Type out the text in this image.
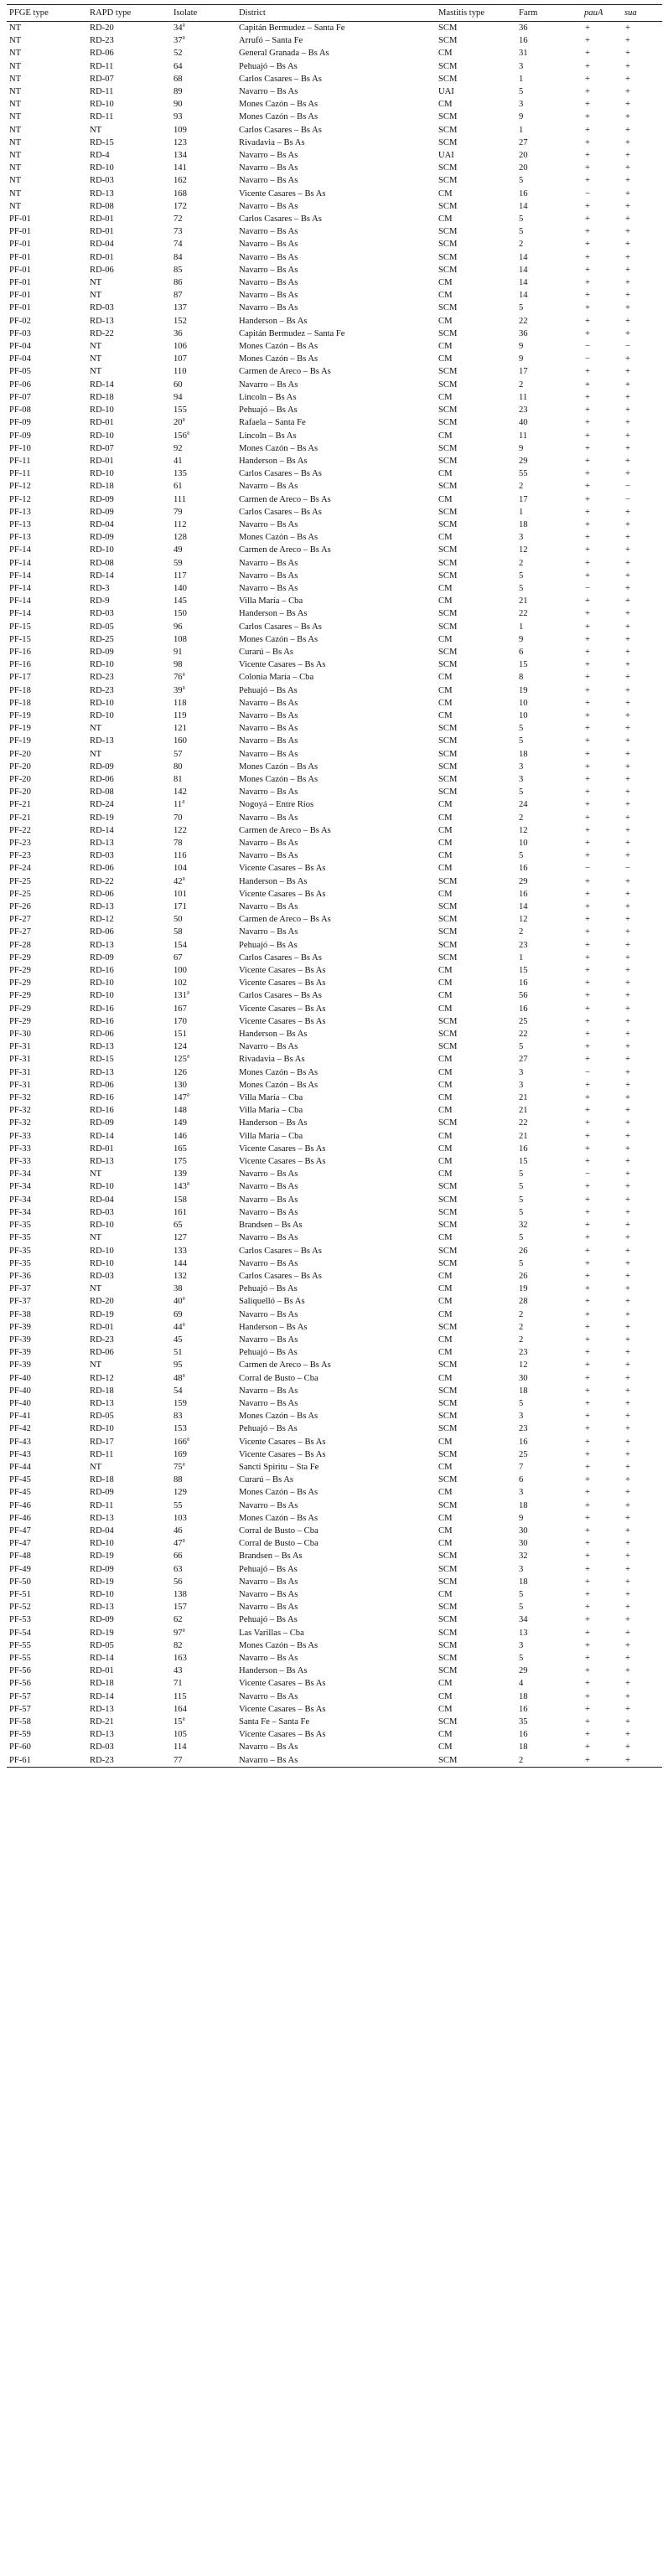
PFGE type	RAPD type	Isolate	District	Mastitis type	Farm	pauA	sua
NT	RD-20	34$^a$	Capitán Bermudez – Santa Fe	SCM	36	+	+
NT	RD-23	37$^a$	Arrufó – Santa Fe	SCM	16	+	+
NT	RD-06	52	General Granada – Bs As	CM	31	+	+
NT	RD-11	64	Pehuajó – Bs As	SCM	3	+	+
NT	RD-07	68	Carlos Casares – Bs As	SCM	1	+	+
NT	RD-11	89	Navarro – Bs As	UAI	5	+	+
NT	RD-10	90	Mones Cazón – Bs As	CM	3	+	+
NT	RD-11	93	Mones Cazón – Bs As	SCM	9	+	+
NT	NT	109	Carlos Casares – Bs As	SCM	1	+	+
NT	RD-15	123	Rivadavia – Bs As	SCM	27	+	+
NT	RD-4	134	Navarro – Bs As	UAI	20	+	+
NT	RD-10	141	Navarro – Bs As	SCM	20	+	+
NT	RD-03	162	Navarro – Bs As	SCM	5	+	+
NT	RD-13	168	Vicente Casares – Bs As	CM	16	−	+
NT	RD-08	172	Navarro – Bs As	SCM	14	+	+
PF-01	RD-01	72	Carlos Casares – Bs As	CM	5	+	+
PF-01	RD-01	73	Navarro – Bs As	SCM	5	+	+
PF-01	RD-04	74	Navarro – Bs As	SCM	2	+	+
PF-01	RD-01	84	Navarro – Bs As	SCM	14	+	+
PF-01	RD-06	85	Navarro – Bs As	SCM	14	+	+
PF-01	NT	86	Navarro – Bs As	CM	14	+	+
PF-01	NT	87	Navarro – Bs As	CM	14	+	+
PF-01	RD-03	137	Navarro – Bs As	SCM	5	+	+
PF-02	RD-13	152	Handerson – Bs As	CM	22	+	+
PF-03	RD-22	36	Capitán Bermudez – Santa Fe	SCM	36	+	+
PF-04	NT	106	Mones Cazón – Bs As	CM	9	−	−
PF-04	NT	107	Mones Cazón – Bs As	CM	9	−	+
PF-05	NT	110	Carmen de Areco – Bs As	SCM	17	+	+
PF-06	RD-14	60	Navarro – Bs As	SCM	2	+	+
PF-07	RD-18	94	Lincoln – Bs As	CM	11	+	+
PF-08	RD-10	155	Pehuajó – Bs As	SCM	23	+	+
PF-09	RD-01	20$^a$	Rafaela – Santa Fe	SCM	40	+	+
PF-09	RD-10	156$^a$	Lincoln – Bs As	CM	11	+	+
PF-10	RD-07	92	Mones Cazón – Bs As	SCM	9	+	+
PF-11	RD-01	41	Handerson – Bs As	SCM	29	+	+
PF-11	RD-10	135	Carlos Casares – Bs As	CM	55	+	+
PF-12	RD-18	61	Navarro – Bs As	SCM	2	+	−
PF-12	RD-09	111	Carmen de Areco – Bs As	CM	17	+	−
PF-13	RD-09	79	Carlos Casares – Bs As	SCM	1	+	+
PF-13	RD-04	112	Navarro – Bs As	SCM	18	+	+
PF-13	RD-09	128	Mones Cazón – Bs As	CM	3	+	+
PF-14	RD-10	49	Carmen de Areco – Bs As	SCM	12	+	+
PF-14	RD-08	59	Navarro – Bs As	SCM	2	+	+
PF-14	RD-14	117	Navarro – Bs As	SCM	5	+	+
PF-14	RD-3	140	Navarro – Bs As	CM	5	−	+
PF-14	RD-9	145	Villa María – Cba	CM	21	+	+
PF-14	RD-03	150	Handerson – Bs As	SCM	22	+	+
PF-15	RD-05	96	Carlos Casares – Bs As	SCM	1	+	+
PF-15	RD-25	108	Mones Cazón – Bs As	CM	9	+	+
PF-16	RD-09	91	Curarú – Bs As	SCM	6	+	+
PF-16	RD-10	98	Vicente Casares – Bs As	SCM	15	+	+
PF-17	RD-23	76$^a$	Colonia María – Cba	CM	8	+	+
PF-18	RD-23	39$^a$	Pehuajó – Bs As	CM	19	+	+
PF-18	RD-10	118	Navarro – Bs As	CM	10	+	+
PF-19	RD-10	119	Navarro – Bs As	CM	10	+	+
PF-19	NT	121	Navarro – Bs As	SCM	5	+	+
PF-19	RD-13	160	Navarro – Bs As	SCM	5	+	+
PF-20	NT	57	Navarro – Bs As	SCM	18	+	+
PF-20	RD-09	80	Mones Cazón – Bs As	SCM	3	+	+
PF-20	RD-06	81	Mones Cazón – Bs As	SCM	3	+	+
PF-20	RD-08	142	Navarro – Bs As	SCM	5	+	+
PF-21	RD-24	11$^a$	Nogoyá – Entre Ríos	CM	24	+	+
PF-21	RD-19	70	Navarro – Bs As	CM	2	+	+
PF-22	RD-14	122	Carmen de Areco – Bs As	CM	12	+	+
PF-23	RD-13	78	Navarro – Bs As	CM	10	+	+
PF-23	RD-03	116	Navarro – Bs As	CM	5	+	+
PF-24	RD-06	104	Vicente Casares – Bs As	CM	16	−	−
PF-25	RD-22	42$^a$	Handerson – Bs As	SCM	29	+	+
PF-25	RD-06	101	Vicente Casares – Bs As	CM	16	+	+
PF-26	RD-13	171	Navarro – Bs As	SCM	14	+	+
PF-27	RD-12	50	Carmen de Areco – Bs As	SCM	12	+	+
PF-27	RD-06	58	Navarro – Bs As	SCM	2	+	+
PF-28	RD-13	154	Pehuajó – Bs As	SCM	23	+	+
PF-29	RD-09	67	Carlos Casares – Bs As	SCM	1	+	+
PF-29	RD-16	100	Vicente Casares – Bs As	CM	15	+	+
PF-29	RD-10	102	Vicente Casares – Bs As	CM	16	+	+
PF-29	RD-10	131$^a$	Carlos Casares – Bs As	CM	56	+	+
PF-29	RD-16	167	Vicente Casares – Bs As	CM	16	+	+
PF-29	RD-16	170	Vicente Casares – Bs As	SCM	25	+	+
PF-30	RD-06	151	Handerson – Bs As	SCM	22	+	+
PF-31	RD-13	124	Navarro – Bs As	SCM	5	+	+
PF-31	RD-15	125$^a$	Rivadavia – Bs As	CM	27	+	+
PF-31	RD-13	126	Mones Cazón – Bs As	CM	3	−	+
PF-31	RD-06	130	Mones Cazón – Bs As	CM	3	+	+
PF-32	RD-16	147$^a$	Villa María – Cba	CM	21	+	+
PF-32	RD-16	148	Villa María – Cba	CM	21	+	+
PF-32	RD-09	149	Handerson – Bs As	SCM	22	+	+
PF-33	RD-14	146	Villa María – Cba	CM	21	+	+
PF-33	RD-01	165	Vicente Casares – Bs As	CM	16	+	+
PF-33	RD-13	175	Vicente Casares – Bs As	CM	15	+	+
PF-34	NT	139	Navarro – Bs As	CM	5	−	+
PF-34	RD-10	143$^a$	Navarro – Bs As	SCM	5	+	+
PF-34	RD-04	158	Navarro – Bs As	SCM	5	+	+
PF-34	RD-03	161	Navarro – Bs As	SCM	5	+	+
PF-35	RD-10	65	Brandsen – Bs As	SCM	32	+	+
PF-35	NT	127	Navarro – Bs As	CM	5	+	+
PF-35	RD-10	133	Carlos Casares – Bs As	SCM	26	+	+
PF-35	RD-10	144	Navarro – Bs As	SCM	5	+	+
PF-36	RD-03	132	Carlos Casares – Bs As	CM	26	+	+
PF-37	NT	38	Pehuajó – Bs As	CM	19	+	+
PF-37	RD-20	40$^a$	Saliquelló – Bs As	CM	28	+	+
PF-38	RD-19	69	Navarro – Bs As	CM	2	+	+
PF-39	RD-01	44$^a$	Handerson – Bs As	SCM	2	+	+
PF-39	RD-23	45	Navarro – Bs As	CM	2	+	+
PF-39	RD-06	51	Pehuajó – Bs As	CM	23	+	+
PF-39	NT	95	Carmen de Areco – Bs As	SCM	12	+	+
PF-40	RD-12	48$^a$	Corral de Busto – Cba	CM	30	+	+
PF-40	RD-18	54	Navarro – Bs As	SCM	18	+	+
PF-40	RD-13	159	Navarro – Bs As	SCM	5	+	+
PF-41	RD-05	83	Mones Cazón – Bs As	SCM	3	+	+
PF-42	RD-10	153	Pehuajó – Bs As	SCM	23	+	+
PF-43	RD-17	166$^a$	Vicente Casares – Bs As	CM	16	+	+
PF-43	RD-11	169	Vicente Casares – Bs As	SCM	25	+	+
PF-44	NT	75$^a$	Sancti Spiritu – Sta Fe	CM	7	+	+
PF-45	RD-18	88	Curarú – Bs As	SCM	6	+	+
PF-45	RD-09	129	Mones Cazón – Bs As	CM	3	+	+
PF-46	RD-11	55	Navarro – Bs As	SCM	18	+	+
PF-46	RD-13	103	Mones Cazón – Bs As	CM	9	+	+
PF-47	RD-04	46	Corral de Busto – Cba	CM	30	+	+
PF-47	RD-10	47$^a$	Corral de Busto – Cba	CM	30	+	+
PF-48	RD-19	66	Brandsen – Bs As	SCM	32	+	+
PF-49	RD-09	63	Pehuajó – Bs As	SCM	3	+	+
PF-50	RD-19	56	Navarro – Bs As	SCM	18	+	+
PF-51	RD-10	138	Navarro – Bs As	CM	5	+	+
PF-52	RD-13	157	Navarro – Bs As	SCM	5	+	+
PF-53	RD-09	62	Pehuajó – Bs As	SCM	34	+	+
PF-54	RD-19	97$^a$	Las Varillas – Cba	SCM	13	+	+
PF-55	RD-05	82	Mones Cazón – Bs As	SCM	3	+	+
PF-55	RD-14	163	Navarro – Bs As	SCM	5	+	+
PF-56	RD-01	43	Handerson – Bs As	SCM	29	+	+
PF-56	RD-18	71	Vicente Casares – Bs As	CM	4	+	+
PF-57	RD-14	115	Navarro – Bs As	CM	18	+	+
PF-57	RD-13	164	Vicente Casares – Bs As	CM	16	+	+
PF-58	RD-21	15$^a$	Santa Fe – Santa Fe	SCM	35	+	+
PF-59	RD-13	105	Vicente Casares – Bs As	CM	16	+	+
PF-60	RD-03	114	Navarro – Bs As	CM	18	+	+
PF-61	RD-23	77	Navarro – Bs As	SCM	2	+	+
